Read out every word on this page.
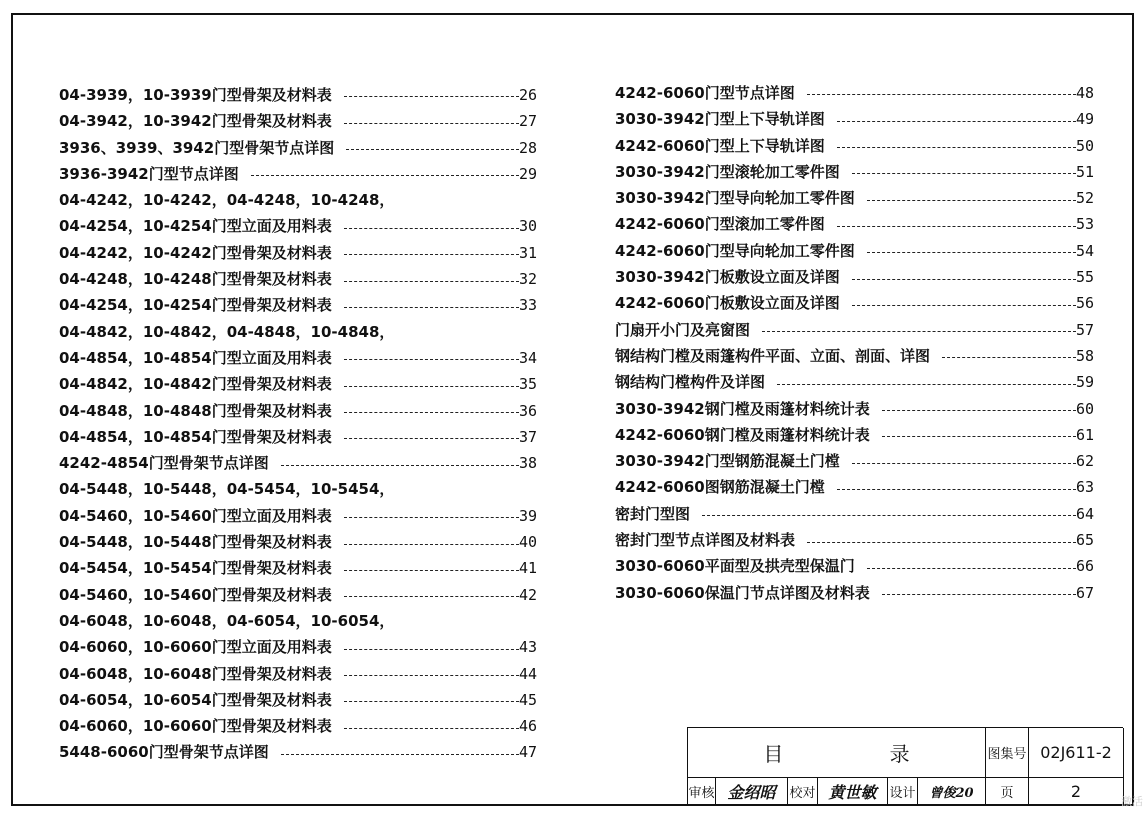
04-3939，10-3939门型骨架及材料表	26
04-3942，10-3942门型骨架及材料表	27
3936、3939、3942门型骨架节点详图	28
3936-3942门型节点详图	29
04-4242，10-4242，04-4248，10-4248，
04-4254，10-4254门型立面及用料表	30
04-4242，10-4242门型骨架及材料表	31
04-4248，10-4248门型骨架及材料表	32
04-4254，10-4254门型骨架及材料表	33
04-4842，10-4842，04-4848，10-4848，
04-4854，10-4854门型立面及用料表	34
04-4842，10-4842门型骨架及材料表	35
04-4848，10-4848门型骨架及材料表	36
04-4854，10-4854门型骨架及材料表	37
4242-4854门型骨架节点详图	38
04-5448，10-5448，04-5454，10-5454，
04-5460，10-5460门型立面及用料表	39
04-5448，10-5448门型骨架及材料表	40
04-5454，10-5454门型骨架及材料表	41
04-5460，10-5460门型骨架及材料表	42
04-6048，10-6048，04-6054，10-6054，
04-6060，10-6060门型立面及用料表	43
04-6048，10-6048门型骨架及材料表	44
04-6054，10-6054门型骨架及材料表	45
04-6060，10-6060门型骨架及材料表	46
5448-6060门型骨架节点详图	47
4242-6060门型节点详图	48
3030-3942门型上下导轨详图	49
4242-6060门型上下导轨详图	50
3030-3942门型滚轮加工零件图	51
3030-3942门型导向轮加工零件图	52
4242-6060门型滚加工零件图	53
4242-6060门型导向轮加工零件图	54
3030-3942门板敷设立面及详图	55
4242-6060门板敷设立面及详图	56
门扇开小门及亮窗图	57
钢结构门樘及雨篷构件平面、立面、剖面、详图	58
钢结构门樘构件及详图	59
3030-3942钢门樘及雨篷材料统计表	60
4242-6060钢门樘及雨篷材料统计表	61
3030-3942门型钢筋混凝土门樘	62
4242-6060图钢筋混凝土门樘	63
密封门型图	64
密封门型节点详图及材料表	65
3030-6060平面型及拱壳型保温门	66
3030-6060保温门节点详图及材料表	67
目 录	图集号 02J611-2
审核 金绍昭	校对 黄世敏 设计	曾俊20	页	2
激活
